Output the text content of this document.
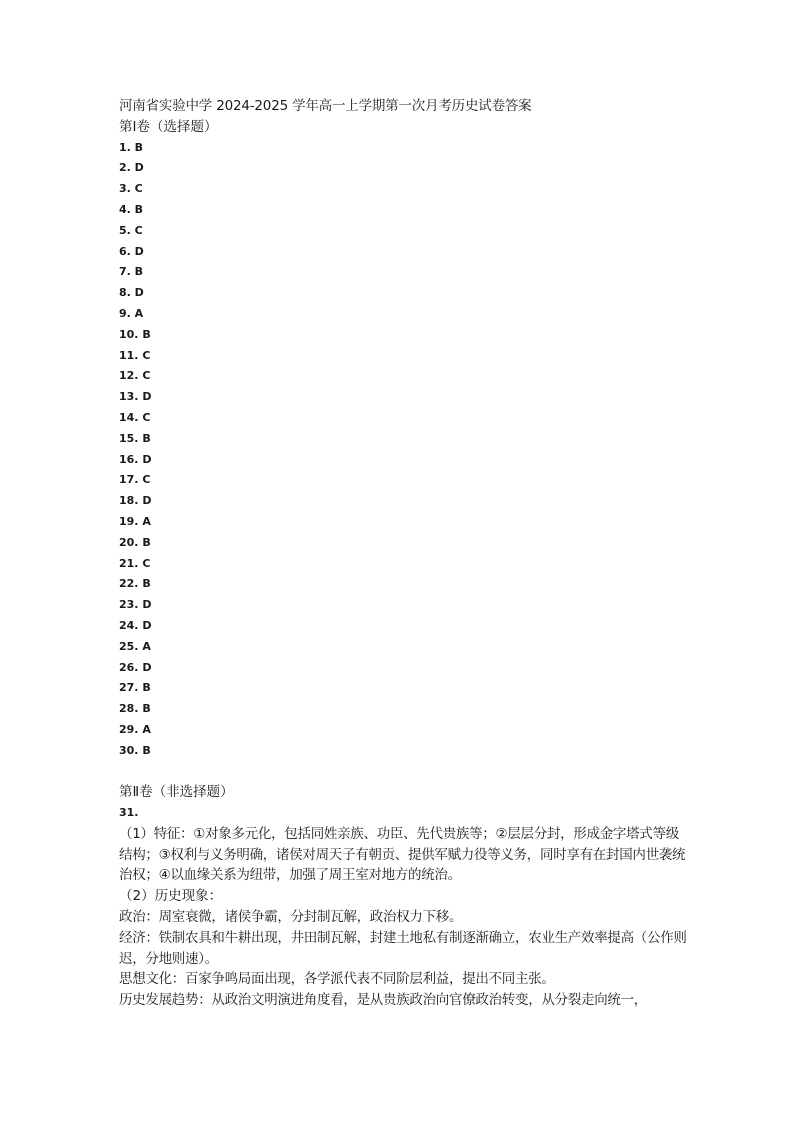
河南省实验中学 2024-2025 学年高一上学期第一次月考历史试卷答案
第Ⅰ卷（选择题）
1. B
2. D
3. C
4. B
5. C
6. D
7. B
8. D
9. A
10. B
11. C
12. C
13. D
14. C
15. B
16. D
17. C
18. D
19. A
20. B
21. C
22. B
23. D
24. D
25. A
26. D
27. B
28. B
29. A
30. B
第Ⅱ卷（非选择题）
31.
（1）特征：①对象多元化，包括同姓亲族、功臣、先代贵族等；②层层分封，形成金字塔式等级结构；③权利与义务明确，诸侯对周天子有朝贡、提供军赋力役等义务，同时享有在封国内世袭统治权；④以血缘关系为纽带，加强了周王室对地方的统治。
（2）历史现象：
政治：周室衰微，诸侯争霸，分封制瓦解，政治权力下移。
经济：铁制农具和牛耕出现，井田制瓦解，封建土地私有制逐渐确立，农业生产效率提高（公作则迟，分地则速）。
思想文化：百家争鸣局面出现，各学派代表不同阶层利益，提出不同主张。
历史发展趋势：从政治文明演进角度看，是从贵族政治向官僚政治转变，从分裂走向统一，
